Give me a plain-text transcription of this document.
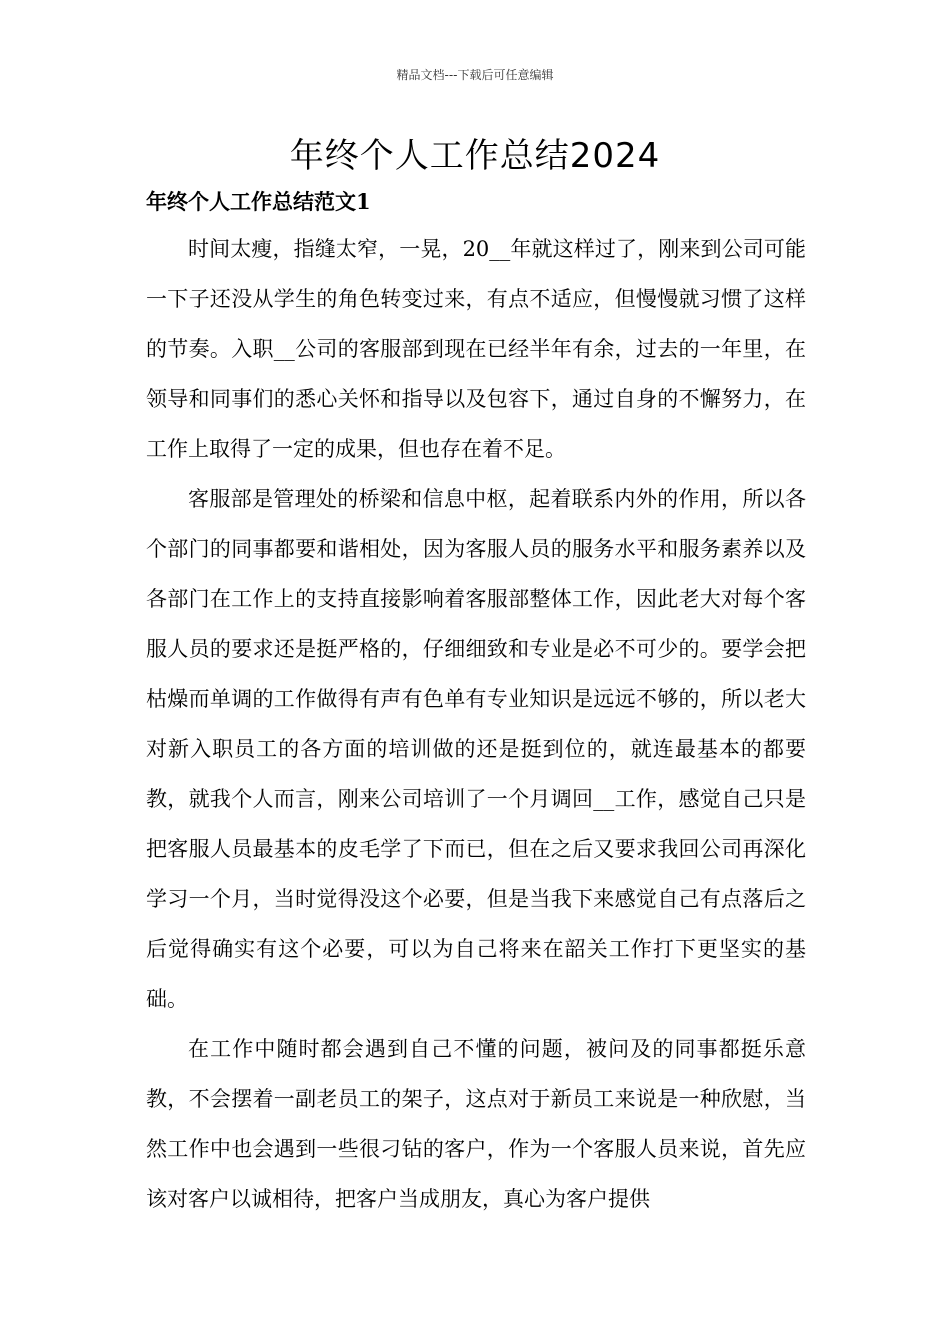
精品文档---下载后可任意编辑
年终个人工作总结2024
年终个人工作总结范文1

时间太瘦，指缝太窄，一晃，20__年就这样过了，刚来到公司可能一下子还没从学生的角色转变过来，有点不适应，但慢慢就习惯了这样的节奏。入职__公司的客服部到现在已经半年有余，过去的一年里，在领导和同事们的悉心关怀和指导以及包容下，通过自身的不懈努力，在工作上取得了一定的成果，但也存在着不足。

客服部是管理处的桥梁和信息中枢，起着联系内外的作用，所以各个部门的同事都要和谐相处，因为客服人员的服务水平和服务素养以及各部门在工作上的支持直接影响着客服部整体工作，因此老大对每个客服人员的要求还是挺严格的，仔细细致和专业是必不可少的。要学会把枯燥而单调的工作做得有声有色单有专业知识是远远不够的，所以老大对新入职员工的各方面的培训做的还是挺到位的，就连最基本的都要教，就我个人而言，刚来公司培训了一个月调回__工作，感觉自己只是把客服人员最基本的皮毛学了下而已，但在之后又要求我回公司再深化学习一个月，当时觉得没这个必要，但是当我下来感觉自己有点落后之后觉得确实有这个必要，可以为自己将来在韶关工作打下更坚实的基础。

在工作中随时都会遇到自己不懂的问题，被问及的同事都挺乐意教，不会摆着一副老员工的架子，这点对于新员工来说是一种欣慰，当然工作中也会遇到一些很刁钻的客户，作为一个客服人员来说，首先应该对客户以诚相待，把客户当成朋友，真心为客户提供
